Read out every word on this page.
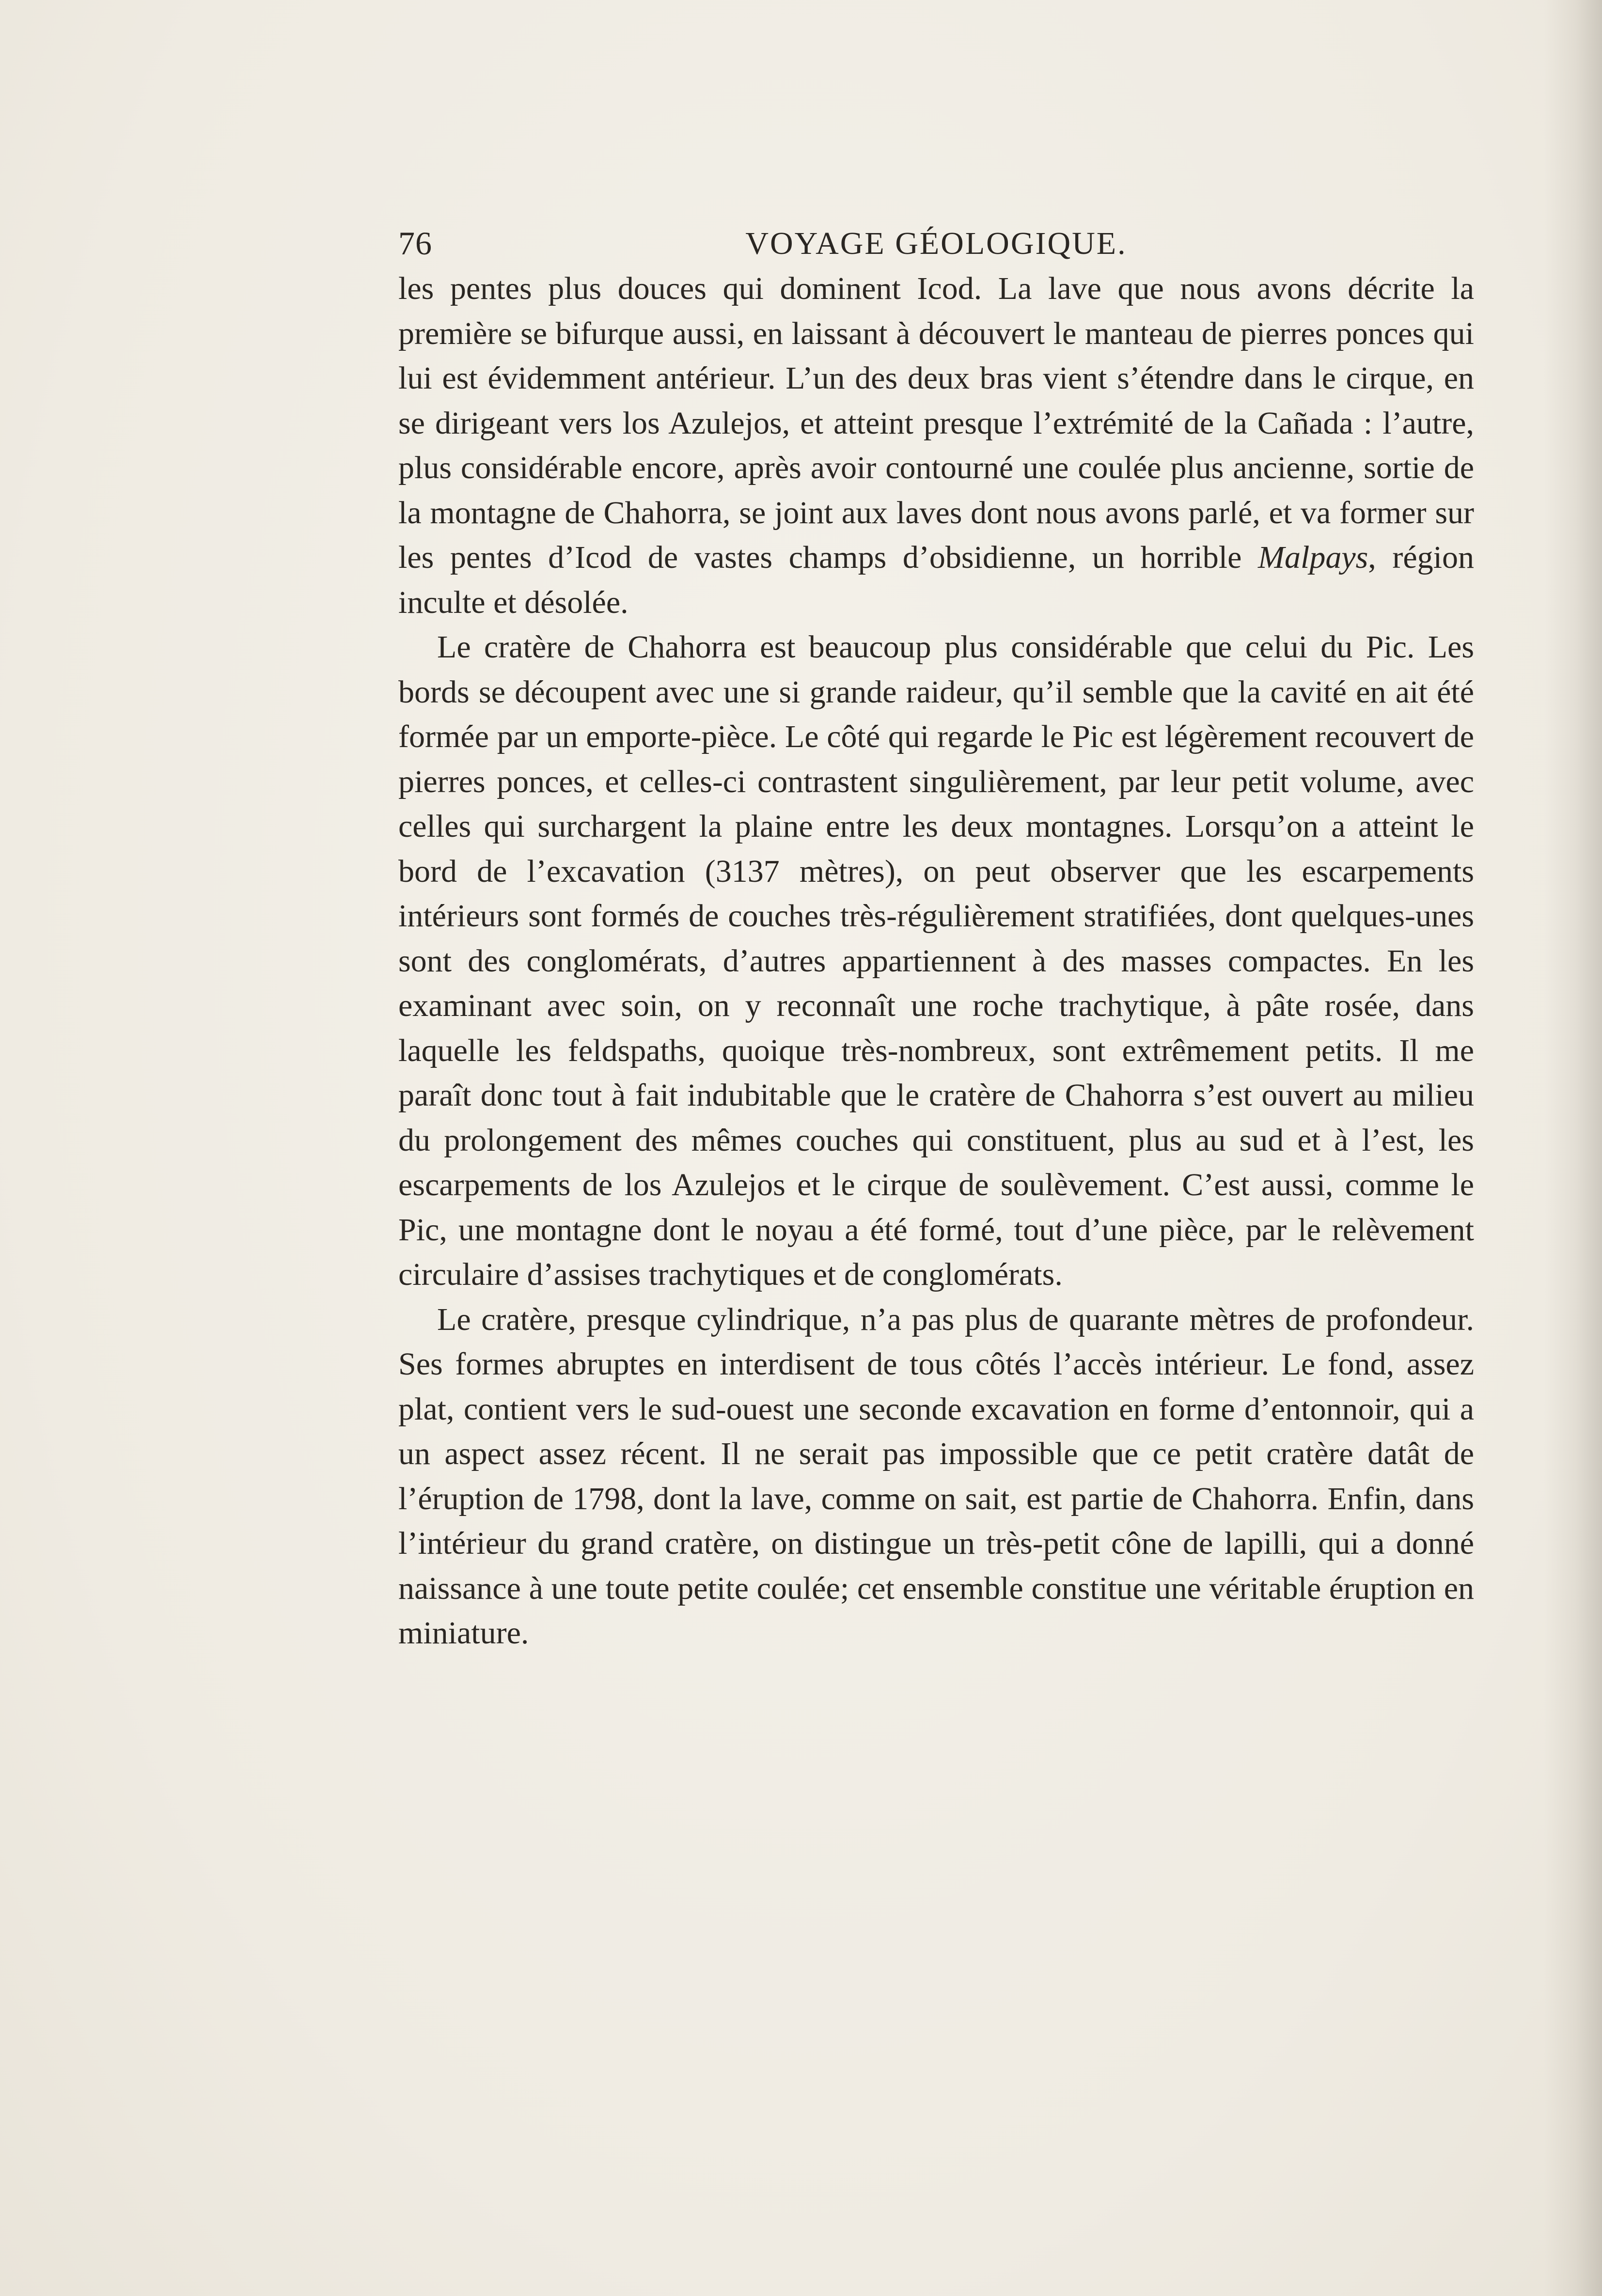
76	VOYAGE GÉOLOGIQUE.

les pentes plus douces qui dominent Icod. La lave que nous avons décrite la première se bifurque aussi, en laissant à découvert le manteau de pierres ponces qui lui est évidemment antérieur. L’un des deux bras vient s’étendre dans le cirque, en se dirigeant vers los Azulejos, et atteint presque l’extrémité de la Cañada : l’autre, plus considérable encore, après avoir contourné une coulée plus ancienne, sortie de la montagne de Chahorra, se joint aux laves dont nous avons parlé, et va former sur les pentes d’Icod de vastes champs d’obsidienne, un horrible Malpays, région inculte et désolée.

Le cratère de Chahorra est beaucoup plus considérable que celui du Pic. Les bords se découpent avec une si grande raideur, qu’il semble que la cavité en ait été formée par un emporte-pièce. Le côté qui regarde le Pic est légèrement recouvert de pierres ponces, et celles-ci contrastent singulièrement, par leur petit volume, avec celles qui surchargent la plaine entre les deux montagnes. Lorsqu’on a atteint le bord de l’excavation (3137 mètres), on peut observer que les escarpements intérieurs sont formés de couches très-régulièrement stratifiées, dont quelques-unes sont des conglomérats, d’autres appartiennent à des masses compactes. En les examinant avec soin, on y reconnaît une roche trachytique, à pâte rosée, dans laquelle les feldspaths, quoique très-nombreux, sont extrêmement petits. Il me paraît donc tout à fait indubitable que le cratère de Chahorra s’est ouvert au milieu du prolongement des mêmes couches qui constituent, plus au sud et à l’est, les escarpements de los Azulejos et le cirque de soulèvement. C’est aussi, comme le Pic, une montagne dont le noyau a été formé, tout d’une pièce, par le relèvement circulaire d’assises trachytiques et de conglomérats.

Le cratère, presque cylindrique, n’a pas plus de quarante mètres de profondeur. Ses formes abruptes en interdisent de tous côtés l’accès intérieur. Le fond, assez plat, contient vers le sud-ouest une seconde excavation en forme d’entonnoir, qui a un aspect assez récent. Il ne serait pas impossible que ce petit cratère datât de l’éruption de 1798, dont la lave, comme on sait, est partie de Chahorra. Enfin, dans l’intérieur du grand cratère, on distingue un très-petit cône de lapilli, qui a donné naissance à une toute petite coulée; cet ensemble constitue une véritable éruption en miniature.
